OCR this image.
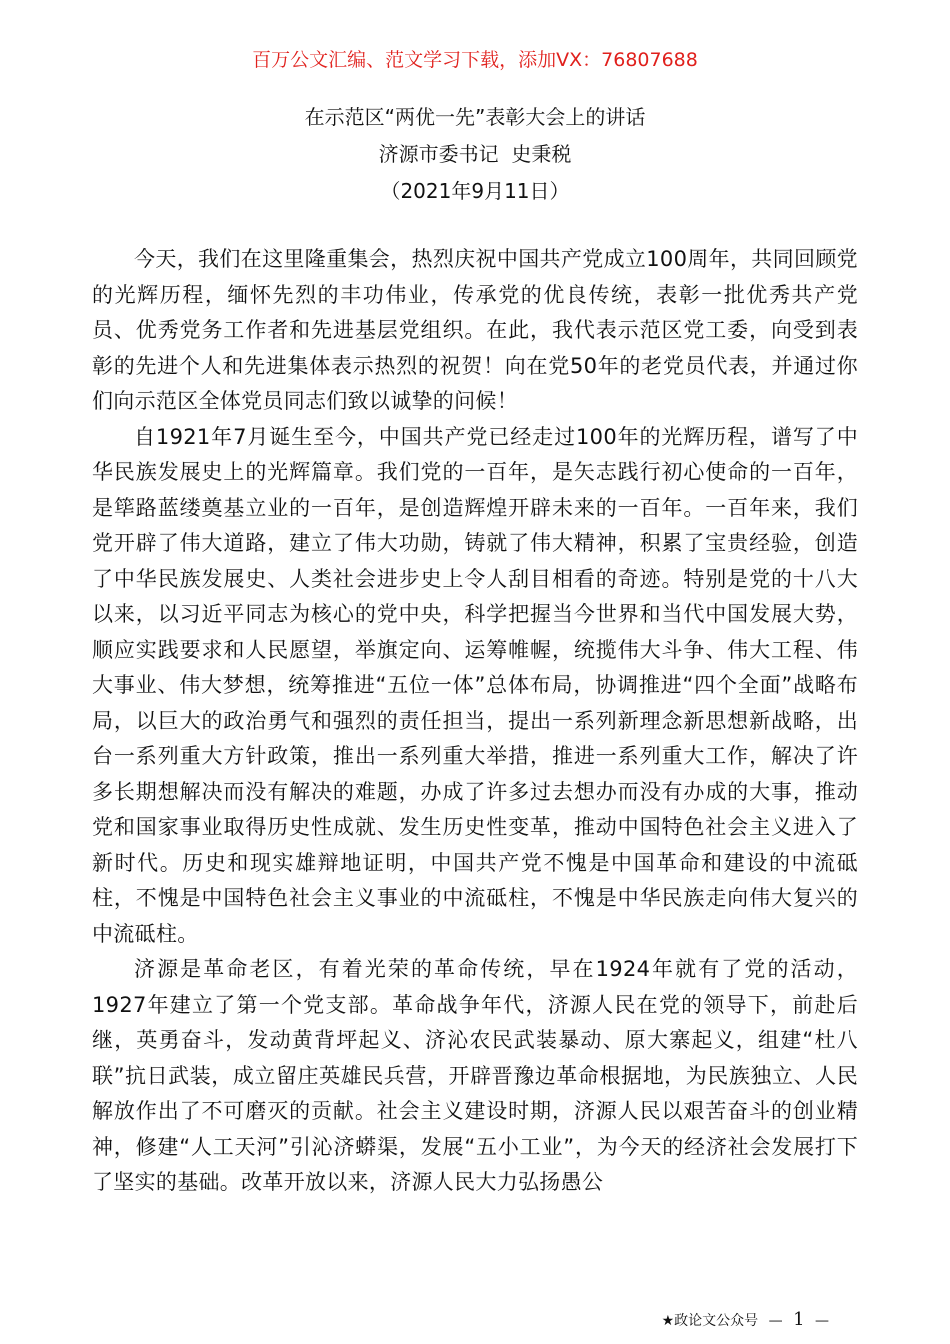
百万公文汇编、范文学习下载，添加VX：76807688
在示范区“两优一先”表彰大会上的讲话
济源市委书记  史秉税
（2021年9月11日）

今天，我们在这里隆重集会，热烈庆祝中国共产党成立100周年，共同回顾党的光辉历程，缅怀先烈的丰功伟业，传承党的优良传统，表彰一批优秀共产党员、优秀党务工作者和先进基层党组织。在此，我代表示范区党工委，向受到表彰的先进个人和先进集体表示热烈的祝贺！向在党50年的老党员代表，并通过你们向示范区全体党员同志们致以诚挚的问候！

自1921年7月诞生至今，中国共产党已经走过100年的光辉历程，谱写了中华民族发展史上的光辉篇章。我们党的一百年，是矢志践行初心使命的一百年，是筚路蓝缕奠基立业的一百年，是创造辉煌开辟未来的一百年。一百年来，我们党开辟了伟大道路，建立了伟大功勋，铸就了伟大精神，积累了宝贵经验，创造了中华民族发展史、人类社会进步史上令人刮目相看的奇迹。特别是党的十八大以来，以习近平同志为核心的党中央，科学把握当今世界和当代中国发展大势，顺应实践要求和人民愿望，举旗定向、运筹帷幄，统揽伟大斗争、伟大工程、伟大事业、伟大梦想，统筹推进“五位一体”总体布局，协调推进“四个全面”战略布局，以巨大的政治勇气和强烈的责任担当，提出一系列新理念新思想新战略，出台一系列重大方针政策，推出一系列重大举措，推进一系列重大工作，解决了许多长期想解决而没有解决的难题，办成了许多过去想办而没有办成的大事，推动党和国家事业取得历史性成就、发生历史性变革，推动中国特色社会主义进入了新时代。历史和现实雄辩地证明，中国共产党不愧是中国革命和建设的中流砥柱，不愧是中国特色社会主义事业的中流砥柱，不愧是中华民族走向伟大复兴的中流砥柱。

济源是革命老区，有着光荣的革命传统，早在1924年就有了党的活动，1927年建立了第一个党支部。革命战争年代，济源人民在党的领导下，前赴后继，英勇奋斗，发动黄背坪起义、济沁农民武装暴动、原大寨起义，组建“杜八联”抗日武装，成立留庄英雄民兵营，开辟晋豫边革命根据地，为民族独立、人民解放作出了不可磨灭的贡献。社会主义建设时期，济源人民以艰苦奋斗的创业精神，修建“人工天河”引沁济蟒渠，发展“五小工业”，为今天的经济社会发展打下了坚实的基础。改革开放以来，济源人民大力弘扬愚公

★政论文公众号 — 1 —
